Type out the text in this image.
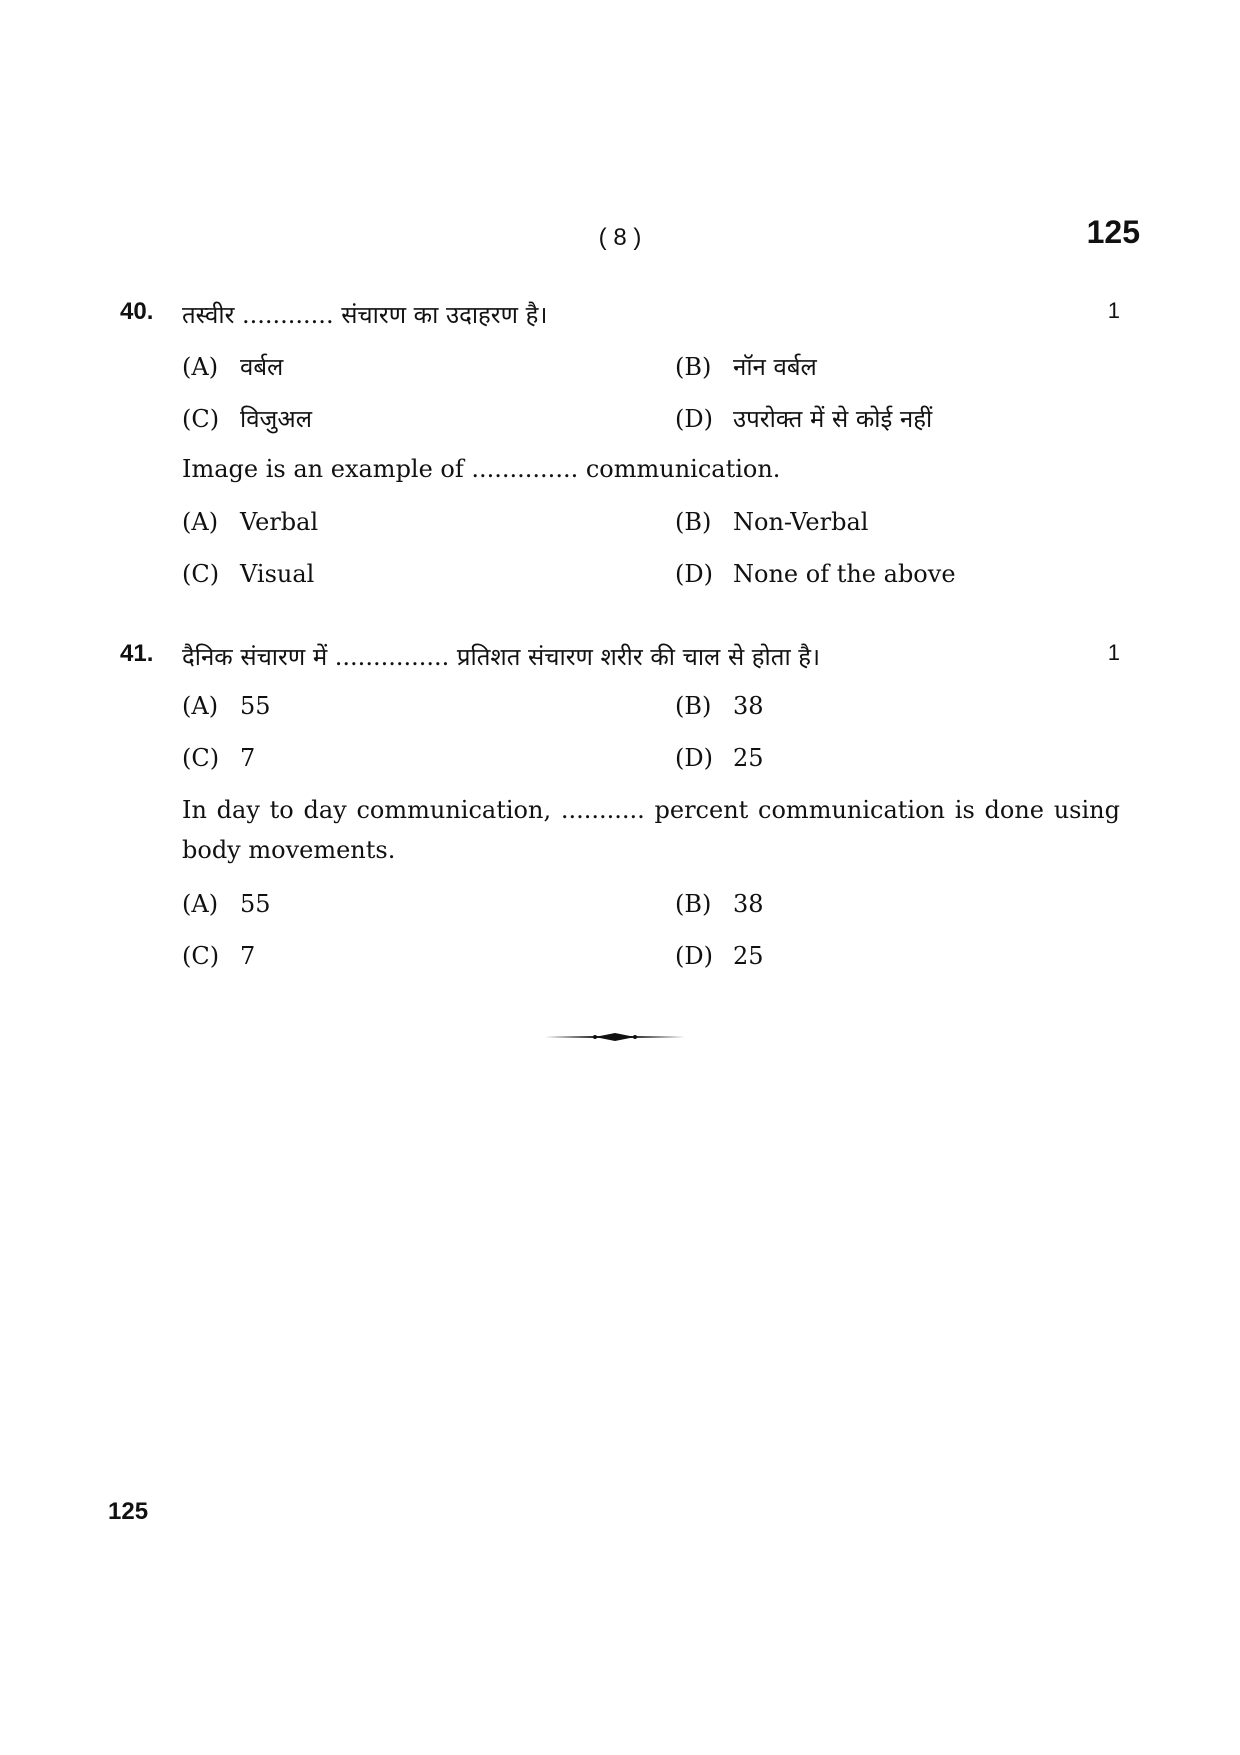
( 8 )	125
40. तस्वीर ............ संचारण का उदाहरण है।	1
(A) वर्बल	(B) नॉन वर्बल
(C) विजुअल	(D) उपरोक्त में से कोई नहीं
Image is an example of .............. communication.
(A) Verbal	(B) Non-Verbal
(C) Visual	(D) None of the above
41. दैनिक संचारण में ............... प्रतिशत संचारण शरीर की चाल से होता है।	1
(A) 55	(B) 38
(C) 7	(D) 25
In day to day communication, ........... percent communication is done using body movements.
(A) 55	(B) 38
(C) 7	(D) 25
125
